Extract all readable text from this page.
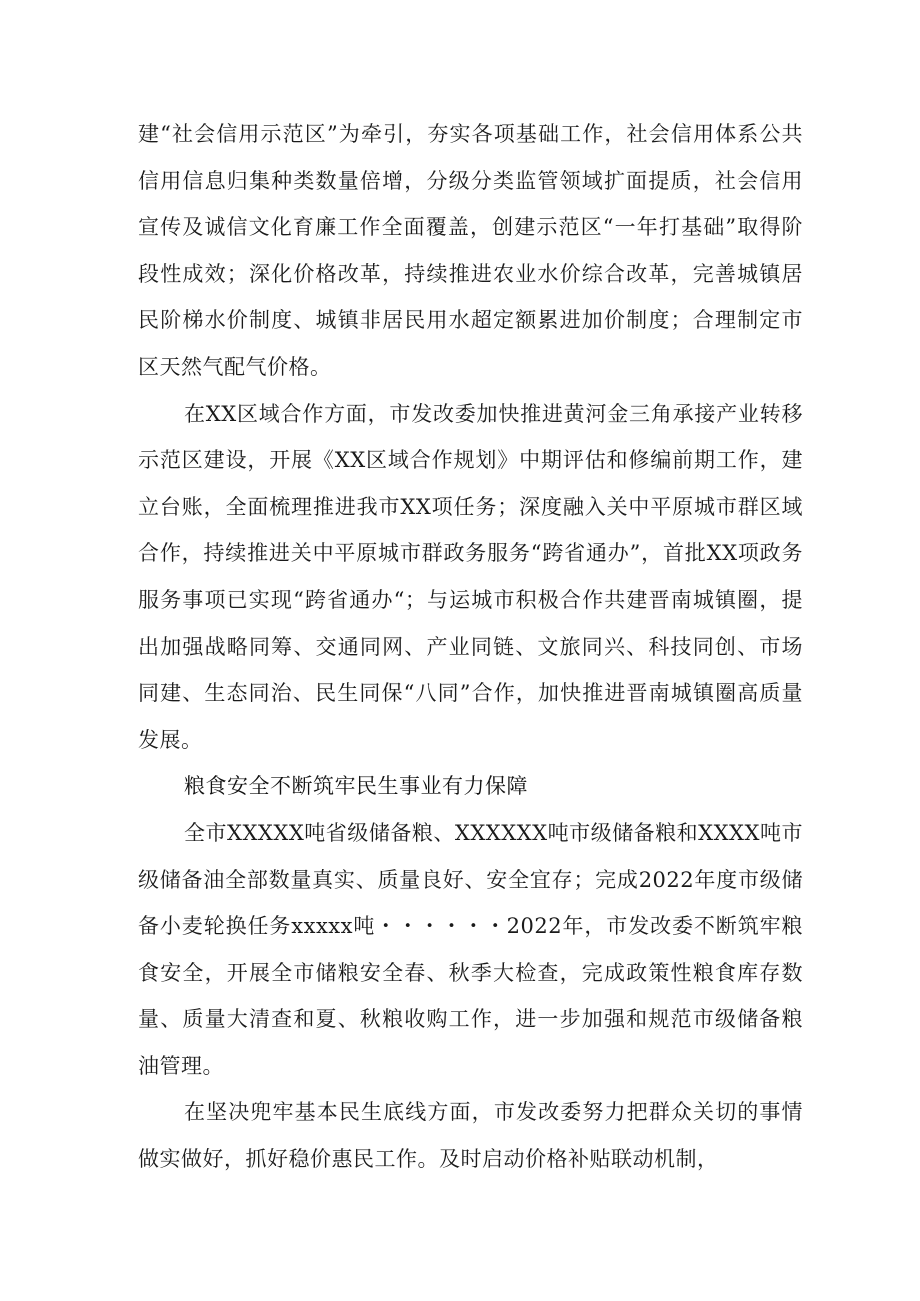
建“社会信用示范区”为牵引，夯实各项基础工作，社会信用体系公共信用信息归集种类数量倍增，分级分类监管领域扩面提质，社会信用宣传及诚信文化育廉工作全面覆盖，创建示范区“一年打基础”取得阶段性成效；深化价格改革，持续推进农业水价综合改革，完善城镇居民阶梯水价制度、城镇非居民用水超定额累进加价制度；合理制定市区天然气配气价格。

在XX区域合作方面，市发改委加快推进黄河金三角承接产业转移示范区建设，开展《XX区域合作规划》中期评估和修编前期工作，建立台账，全面梳理推进我市XX项任务；深度融入关中平原城市群区域合作，持续推进关中平原城市群政务服务“跨省通办”，首批XX项政务服务事项已实现“跨省通办“；与运城市积极合作共建晋南城镇圈，提出加强战略同筹、交通同网、产业同链、文旅同兴、科技同创、市场同建、生态同治、民生同保“八同”合作，加快推进晋南城镇圈高质量发展。

粮食安全不断筑牢民生事业有力保障

全市XXXXX吨省级储备粮、XXXXXX吨市级储备粮和XXXX吨市级储备油全部数量真实、质量良好、安全宜存；完成2022年度市级储备小麦轮换任务xxxxx吨・・・・・・2022年，市发改委不断筑牢粮食安全，开展全市储粮安全春、秋季大检查，完成政策性粮食库存数量、质量大清查和夏、秋粮收购工作，进一步加强和规范市级储备粮油管理。

在坚决兜牢基本民生底线方面，市发改委努力把群众关切的事情做实做好，抓好稳价惠民工作。及时启动价格补贴联动机制，
